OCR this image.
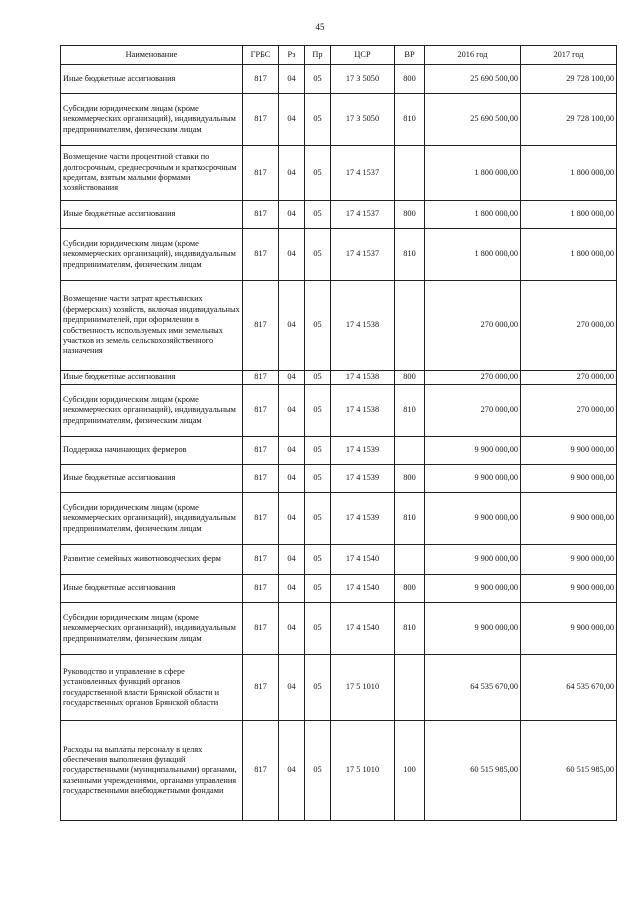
45
Наименование	ГРБС	Рз	Пр	ЦСР	ВР	2016 год	2017 год
Иные бюджетные ассигнования	817	04	05	17 3 5050	800	25 690 500,00	29 728 100,00
Субсидии юридическим лицам (кроме некоммерческих организаций), индивидуальным предпринимателям, физическим лицам	817	04	05	17 3 5050	810	25 690 500,00	29 728 100,00
Возмещение части процентной ставки по долгосрочным, среднесрочным и краткосрочным кредитам, взятым малыми формами хозяйствования	817	04	05	17 4 1537		1 800 000,00	1 800 000,00
Иные бюджетные ассигнования	817	04	05	17 4 1537	800	1 800 000,00	1 800 000,00
Субсидии юридическим лицам (кроме некоммерческих организаций), индивидуальным предпринимателям, физическим лицам	817	04	05	17 4 1537	810	1 800 000,00	1 800 000,00
Возмещение части затрат крестьянских (фермерских) хозяйств, включая индивидуальных предпринимателей, при оформлении в собственность используемых ими земельных участков из земель сельскохозяйственного назначения	817	04	05	17 4 1538		270 000,00	270 000,00
Иные бюджетные ассигнования	817	04	05	17 4 1538	800	270 000,00	270 000,00
Субсидии юридическим лицам (кроме некоммерческих организаций), индивидуальным предпринимателям, физическим лицам	817	04	05	17 4 1538	810	270 000,00	270 000,00
Поддержка начинающих фермеров	817	04	05	17 4 1539		9 900 000,00	9 900 000,00
Иные бюджетные ассигнования	817	04	05	17 4 1539	800	9 900 000,00	9 900 000,00
Субсидии юридическим лицам (кроме некоммерческих организаций), индивидуальным предпринимателям, физическим лицам	817	04	05	17 4 1539	810	9 900 000,00	9 900 000,00
Развитие семейных животноводческих ферм	817	04	05	17 4 1540		9 900 000,00	9 900 000,00
Иные бюджетные ассигнования	817	04	05	17 4 1540	800	9 900 000,00	9 900 000,00
Субсидии юридическим лицам (кроме некоммерческих организаций), индивидуальным предпринимателям, физическим лицам	817	04	05	17 4 1540	810	9 900 000,00	9 900 000,00
Руководство и управление в сфере установленных функций органов государственной власти Брянской области и государственных органов Брянской области	817	04	05	17 5 1010		64 535 670,00	64 535 670,00
Расходы на выплаты персоналу в целях обеспечения выполнения функций государственными (муниципальными) органами, казенными учреждениями, органами управления государственными внебюджетными фондами	817	04	05	17 5 1010	100	60 515 985,00	60 515 985,00
